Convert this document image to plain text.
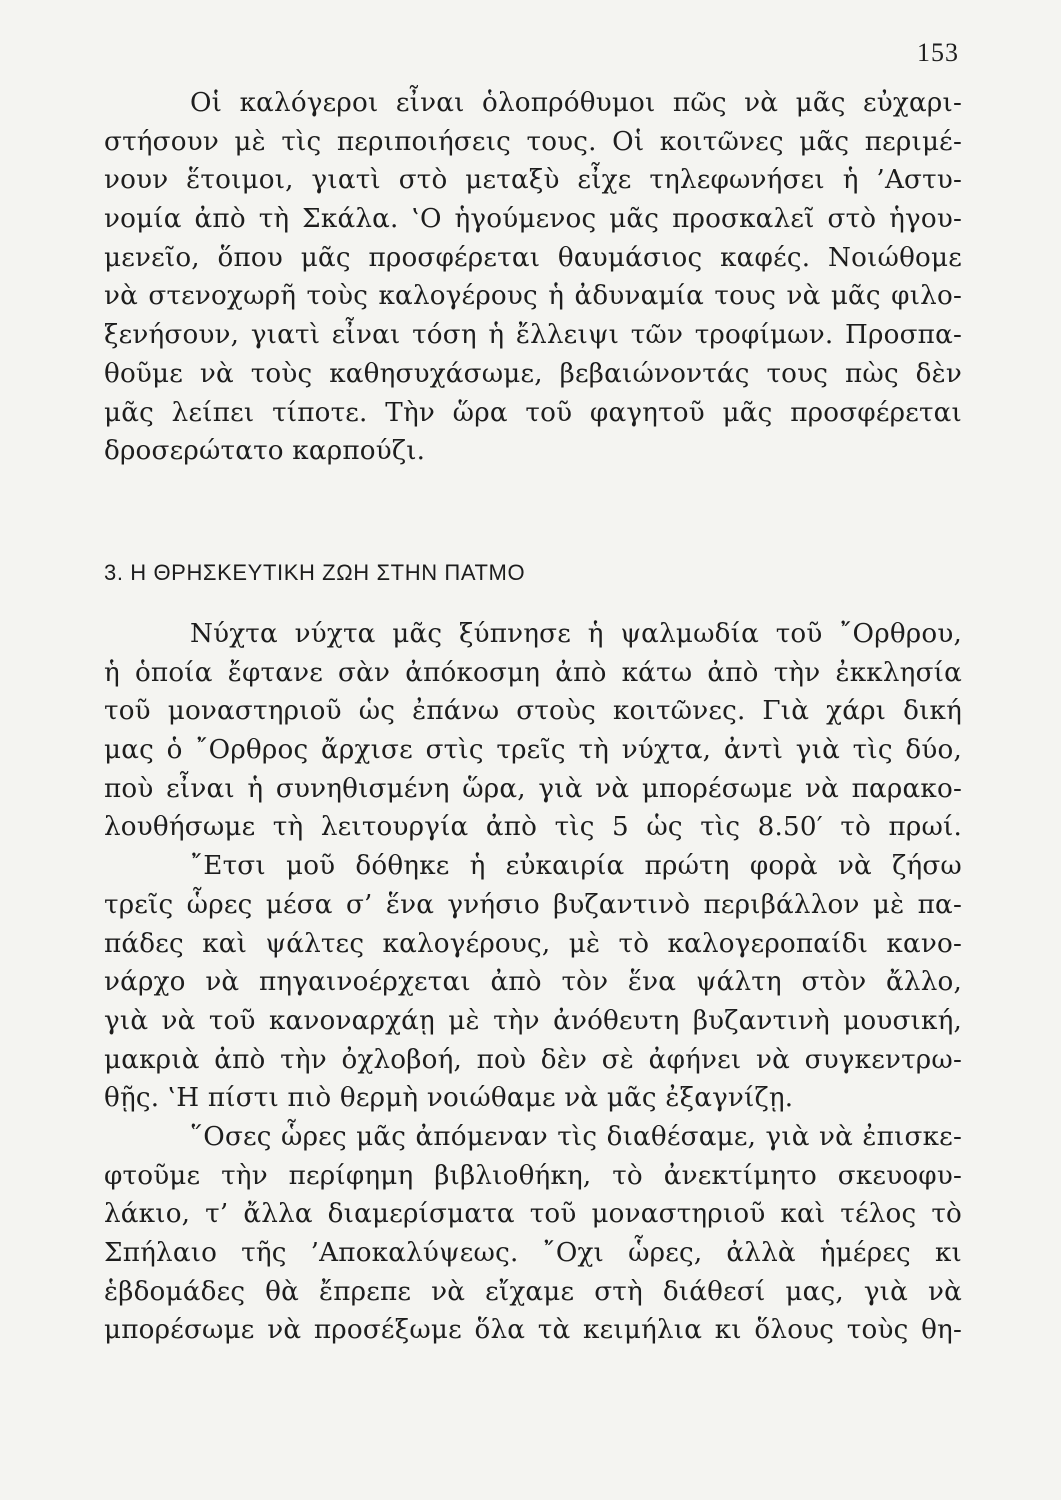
153
Οἱ καλόγεροι εἶναι ὁλοπρόθυμοι πῶς νὰ μᾶς εὐχαρι-
στήσουν μὲ τὶς περιποιήσεις τους. Οἱ κοιτῶνες μᾶς περιμέ-
νουν ἕτοιμοι, γιατὶ στὸ μεταξὺ εἶχε τηλεφωνήσει ἡ ’Αστυ-
νομία ἀπὸ τὴ Σκάλα. ‛Ο ἡγούμενος μᾶς προσκαλεῖ στὸ ἡγου-
μενεῖο, ὅπου μᾶς προσφέρεται θαυμάσιος καφές. Νοιώθομε
νὰ στενοχωρῆ τοὺς καλογέρους ἡ ἀδυναμία τους νὰ μᾶς φιλο-
ξενήσουν, γιατὶ εἶναι τόση ἡ ἔλλειψι τῶν τροφίμων. Προσπα-
θοῦμε νὰ τοὺς καθησυχάσωμε, βεβαιώνοντάς τους πὼς δὲν
μᾶς λείπει τίποτε. Τὴν ὥρα τοῦ φαγητοῦ μᾶς προσφέρεται
δροσερώτατο καρπούζι.
3. Η ΘΡΗΣΚΕΥΤΙΚΗ ΖΩΗ ΣΤΗΝ ΠΑΤΜΟ
Νύχτα νύχτα μᾶς ξύπνησε ἡ ψαλμωδία τοῦ ῎Ορθρου,
ἡ ὁποία ἔφτανε σὰν ἀπόκοσμη ἀπὸ κάτω ἀπὸ τὴν ἐκκλησία
τοῦ μοναστηριοῦ ὡς ἐπάνω στοὺς κοιτῶνες. Γιὰ χάρι δική
μας ὁ ῎Ορθρος ἄρχισε στὶς τρεῖς τὴ νύχτα, ἀντὶ γιὰ τὶς δύο,
ποὺ εἶναι ἡ συνηθισμένη ὥρα, γιὰ νὰ μπορέσωμε νὰ παρακο-
λουθήσωμε τὴ λειτουργία ἀπὸ τὶς 5 ὡς τὶς 8.50′ τὸ πρωί.
῎Ετσι μοῦ δόθηκε ἡ εὐκαιρία πρώτη φορὰ νὰ ζήσω
τρεῖς ὧρες μέσα σ’ ἕνα γνήσιο βυζαντινὸ περιβάλλον μὲ πα-
πάδες καὶ ψάλτες καλογέρους, μὲ τὸ καλογεροπαίδι κανο-
νάρχο νὰ πηγαινοέρχεται ἀπὸ τὸν ἕνα ψάλτη στὸν ἄλλο,
γιὰ νὰ τοῦ κανοναρχάῃ μὲ τὴν ἀνόθευτη βυζαντινὴ μουσική,
μακριὰ ἀπὸ τὴν ὀχλοβοή, ποὺ δὲν σὲ ἀφήνει νὰ συγκεντρω-
θῇς. ‛Η πίστι πιὸ θερμὴ νοιώθαμε νὰ μᾶς ἐξαγνίζῃ.
῞Οσες ὧρες μᾶς ἀπόμεναν τὶς διαθέσαμε, γιὰ νὰ ἐπισκε-
φτοῦμε τὴν περίφημη βιβλιοθήκη, τὸ ἀνεκτίμητο σκευοφυ-
λάκιο, τ’ ἄλλα διαμερίσματα τοῦ μοναστηριοῦ καὶ τέλος τὸ
Σπήλαιο τῆς ’Αποκαλύψεως. ῎Οχι ὧρες, ἀλλὰ ἡμέρες κι
ἑβδομάδες θὰ ἔπρεπε νὰ εἴχαμε στὴ διάθεσί μας, γιὰ νὰ
μπορέσωμε νὰ προσέξωμε ὅλα τὰ κειμήλια κι ὅλους τοὺς θη-
